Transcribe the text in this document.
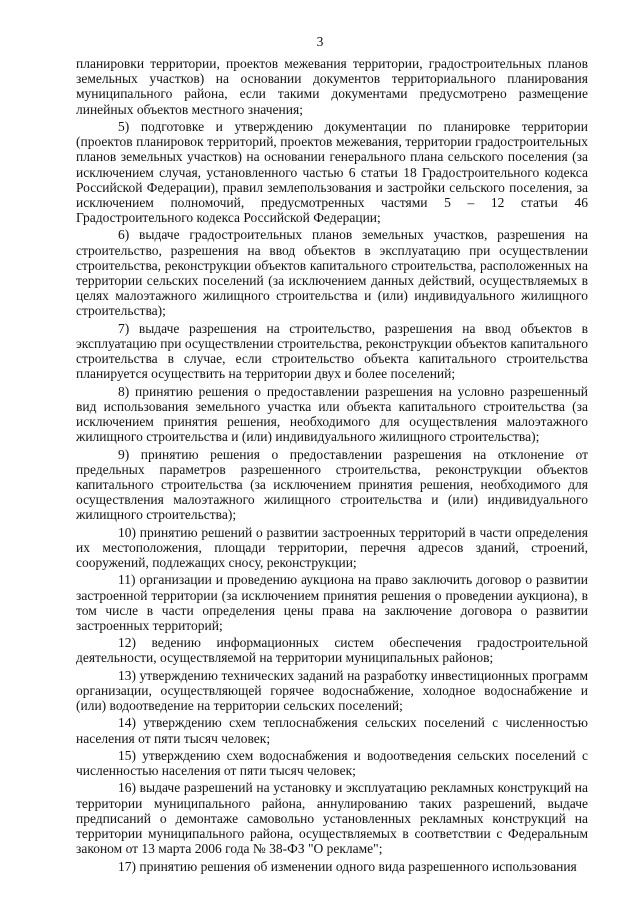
3

планировки территории, проектов межевания территории, градостроительных планов земельных участков) на основании документов территориального планирования муниципального района, если такими документами предусмотрено размещение линейных объектов местного значения;

5) подготовке и утверждению документации по планировке территории (проектов планировок территорий, проектов межевания, территории градостроительных планов земельных участков) на основании генерального плана сельского поселения (за исключением случая, установленного частью 6 статьи 18 Градостроительного кодекса Российской Федерации), правил землепользования и застройки сельского поселения, за исключением полномочий, предусмотренных частями 5 – 12 статьи 46 Градостроительного кодекса Российской Федерации;

6) выдаче градостроительных планов земельных участков, разрешения на строительство, разрешения на ввод объектов в эксплуатацию при осуществлении строительства, реконструкции объектов капитального строительства, расположенных на территории сельских поселений (за исключением данных действий, осуществляемых в целях малоэтажного жилищного строительства и (или) индивидуального жилищного строительства);

7) выдаче разрешения на строительство, разрешения на ввод объектов в эксплуатацию при осуществлении строительства, реконструкции объектов капитального строительства в случае, если строительство объекта капитального строительства планируется осуществить на территории двух и более поселений;

8) принятию решения о предоставлении разрешения на условно разрешенный вид использования земельного участка или объекта капитального строительства (за исключением принятия решения, необходимого для осуществления малоэтажного жилищного строительства и (или) индивидуального жилищного строительства);

9) принятию решения о предоставлении разрешения на отклонение от предельных параметров разрешенного строительства, реконструкции объектов капитального строительства (за исключением принятия решения, необходимого для осуществления малоэтажного жилищного строительства и (или) индивидуального жилищного строительства);

10) принятию решений о развитии застроенных территорий в части определения их местоположения, площади территории, перечня адресов зданий, строений, сооружений, подлежащих сносу, реконструкции;

11) организации и проведению аукциона на право заключить договор о развитии застроенной территории (за исключением принятия решения о проведении аукциона), в том числе в части определения цены права на заключение договора о развитии застроенных территорий;

12) ведению информационных систем обеспечения градостроительной деятельности, осуществляемой на территории муниципальных районов;

13) утверждению технических заданий на разработку инвестиционных программ организации, осуществляющей горячее водоснабжение, холодное водоснабжение и (или) водоотведение на территории сельских поселений;

14) утверждению схем теплоснабжения сельских поселений с численностью населения от пяти тысяч человек;

15) утверждению схем водоснабжения и водоотведения сельских поселений с численностью населения от пяти тысяч человек;

16) выдаче разрешений на установку и эксплуатацию рекламных конструкций на территории муниципального района, аннулированию таких разрешений, выдаче предписаний о демонтаже самовольно установленных рекламных конструкций на территории муниципального района, осуществляемых в соответствии с Федеральным законом от 13 марта 2006 года № 38-ФЗ "О рекламе";

17) принятию решения об изменении одного вида разрешенного использования
